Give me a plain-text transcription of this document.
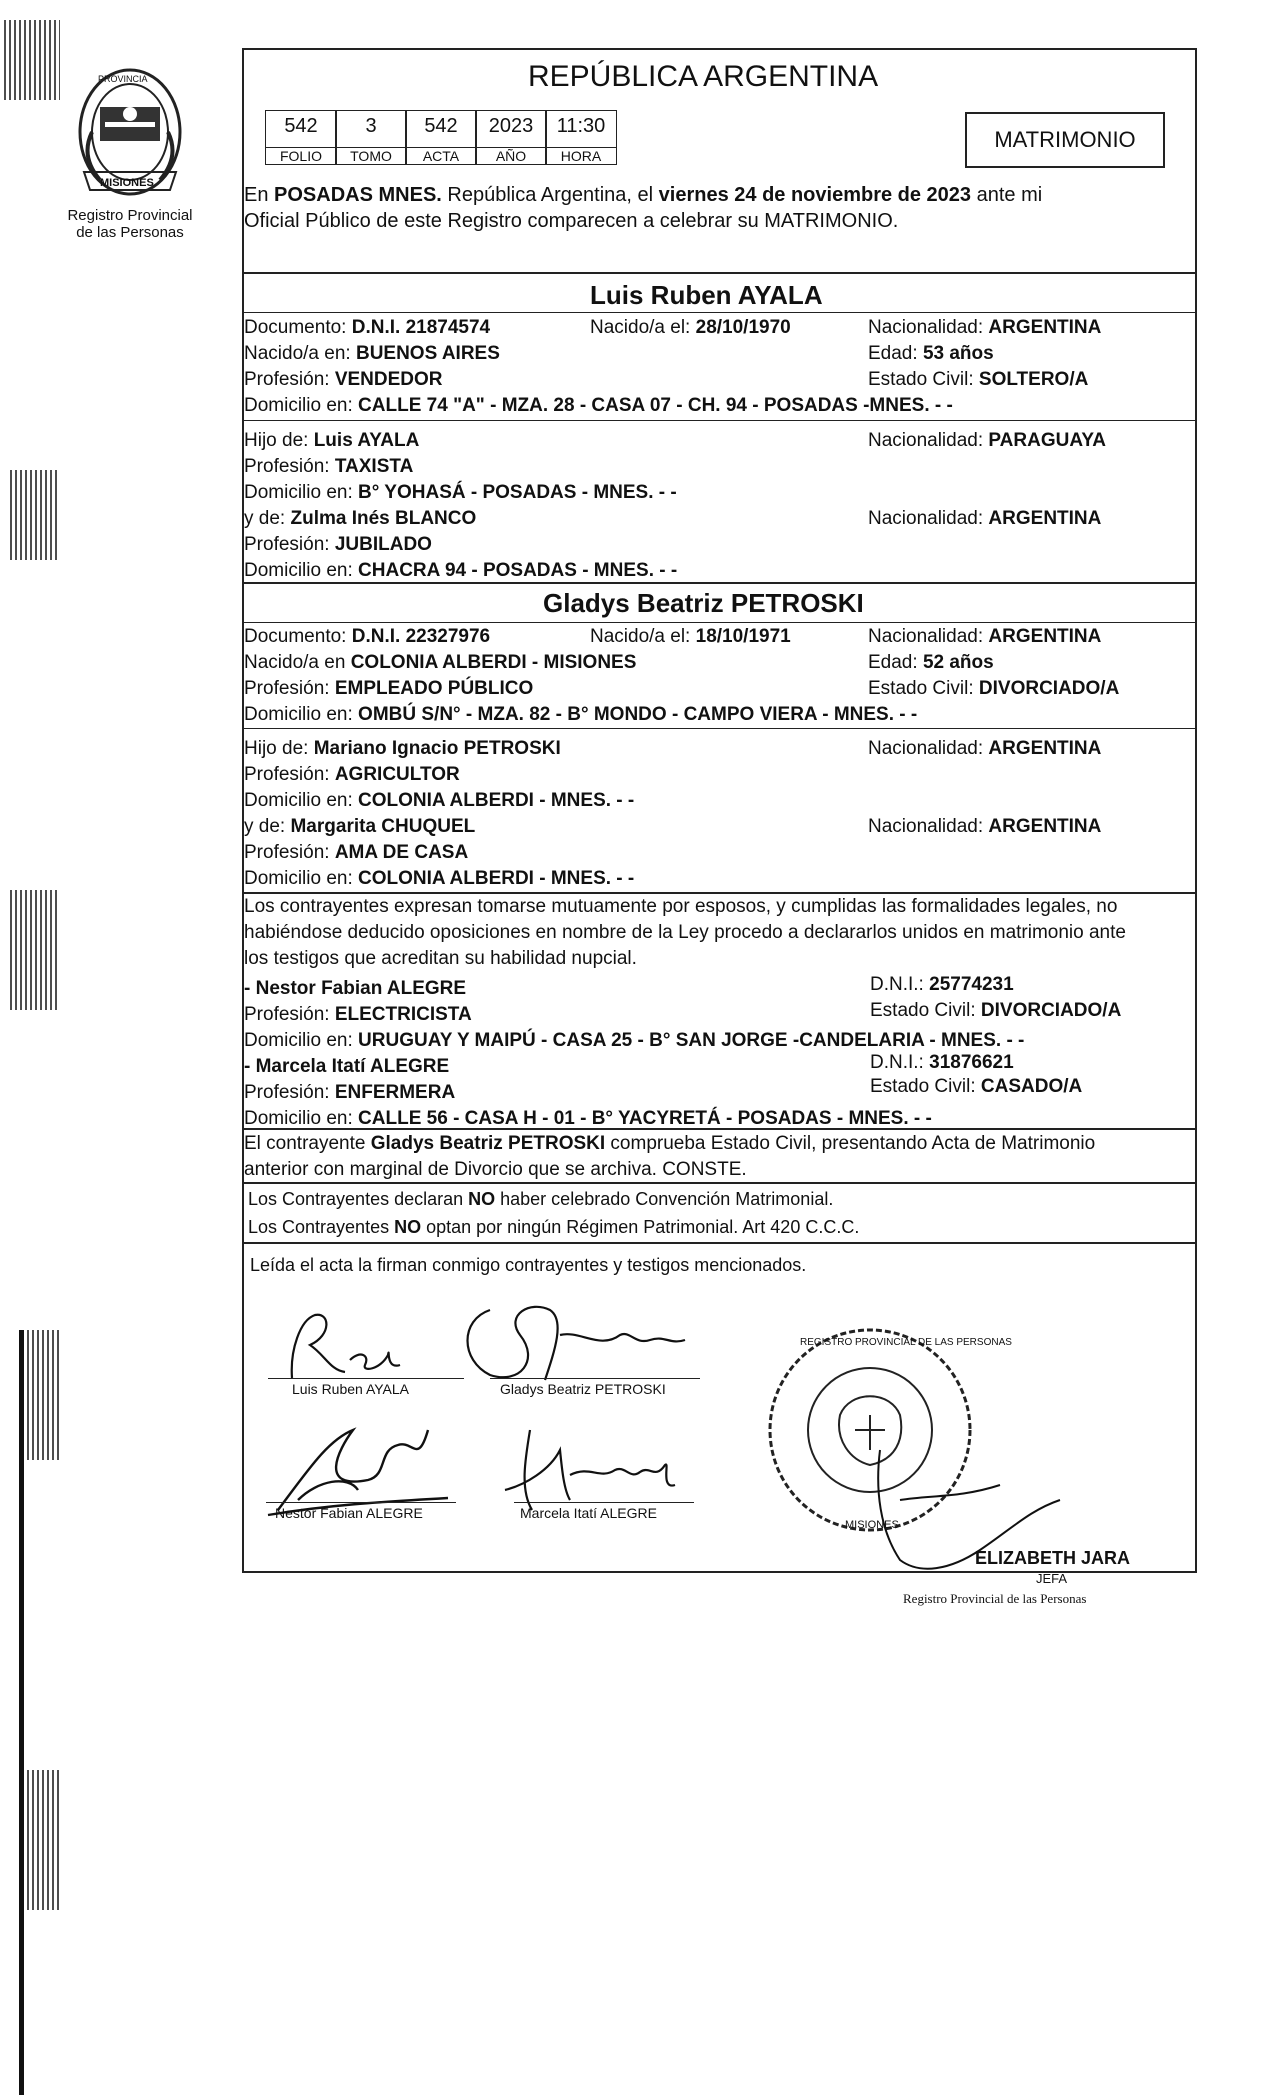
PROVINCIA
MISIONES
Registro Provincial
de las Personas
REPÚBLICA ARGENTINA
542	3	542	2023	11:30
FOLIO	TOMO	ACTA	AÑO	HORA
MATRIMONIO
En POSADAS MNES. República Argentina, el viernes 24 de noviembre de 2023 ante mi
Oficial Público de este Registro comparecen a celebrar su MATRIMONIO.
Luis Ruben AYALA
Documento: D.N.I. 21874574	Nacido/a el: 28/10/1970	Nacionalidad: ARGENTINA
Nacido/a en: BUENOS AIRES	Edad: 53 años
Profesión: VENDEDOR	Estado Civil: SOLTERO/A
Domicilio en: CALLE 74 "A" - MZA. 28 - CASA 07 - CH. 94 - POSADAS -MNES. - -
Hijo de: Luis AYALA	Nacionalidad: PARAGUAYA
Profesión: TAXISTA
Domicilio en: B° YOHASÁ - POSADAS - MNES. - -
y de: Zulma Inés BLANCO	Nacionalidad: ARGENTINA
Profesión: JUBILADO
Domicilio en: CHACRA 94 - POSADAS - MNES. - -
Gladys Beatriz PETROSKI
Documento: D.N.I. 22327976	Nacido/a el: 18/10/1971	Nacionalidad: ARGENTINA
Nacido/a en COLONIA ALBERDI - MISIONES	Edad: 52 años
Profesión: EMPLEADO PÚBLICO	Estado Civil: DIVORCIADO/A
Domicilio en: OMBÚ S/N° - MZA. 82 - B° MONDO - CAMPO VIERA - MNES. - -
Hijo de: Mariano Ignacio PETROSKI	Nacionalidad: ARGENTINA
Profesión: AGRICULTOR
Domicilio en: COLONIA ALBERDI - MNES. - -
y de: Margarita CHUQUEL	Nacionalidad: ARGENTINA
Profesión: AMA DE CASA
Domicilio en: COLONIA ALBERDI - MNES. - -
Los contrayentes expresan tomarse mutuamente por esposos, y cumplidas las formalidades legales, no
habiéndose deducido oposiciones en nombre de la Ley procedo a declararlos unidos en matrimonio ante
los testigos que acreditan su habilidad nupcial.
- Nestor Fabian ALEGRE	D.N.I.: 25774231
Profesión: ELECTRICISTA	Estado Civil: DIVORCIADO/A
Domicilio en: URUGUAY Y MAIPÚ - CASA 25 - B° SAN JORGE -CANDELARIA - MNES. - -
- Marcela Itatí ALEGRE	D.N.I.: 31876621
Profesión: ENFERMERA	Estado Civil: CASADO/A
Domicilio en: CALLE 56 - CASA H - 01 - B° YACYRETÁ - POSADAS - MNES. - -
El contrayente Gladys Beatriz PETROSKI comprueba Estado Civil, presentando Acta de Matrimonio
anterior con marginal de Divorcio que se archiva. CONSTE.
Los Contrayentes declaran NO haber celebrado Convención Matrimonial.
Los Contrayentes NO optan por ningún Régimen Patrimonial. Art 420 C.C.C.
Leída el acta la firman conmigo contrayentes y testigos mencionados.
Luis Ruben AYALA	Gladys Beatriz PETROSKI
Nestor Fabian ALEGRE	Marcela Itatí ALEGRE
REGISTRO PROVINCIAL DE LAS PERSONAS
MISIONES
ELIZABETH JARA
JEFA
Registro Provincial de las Personas
